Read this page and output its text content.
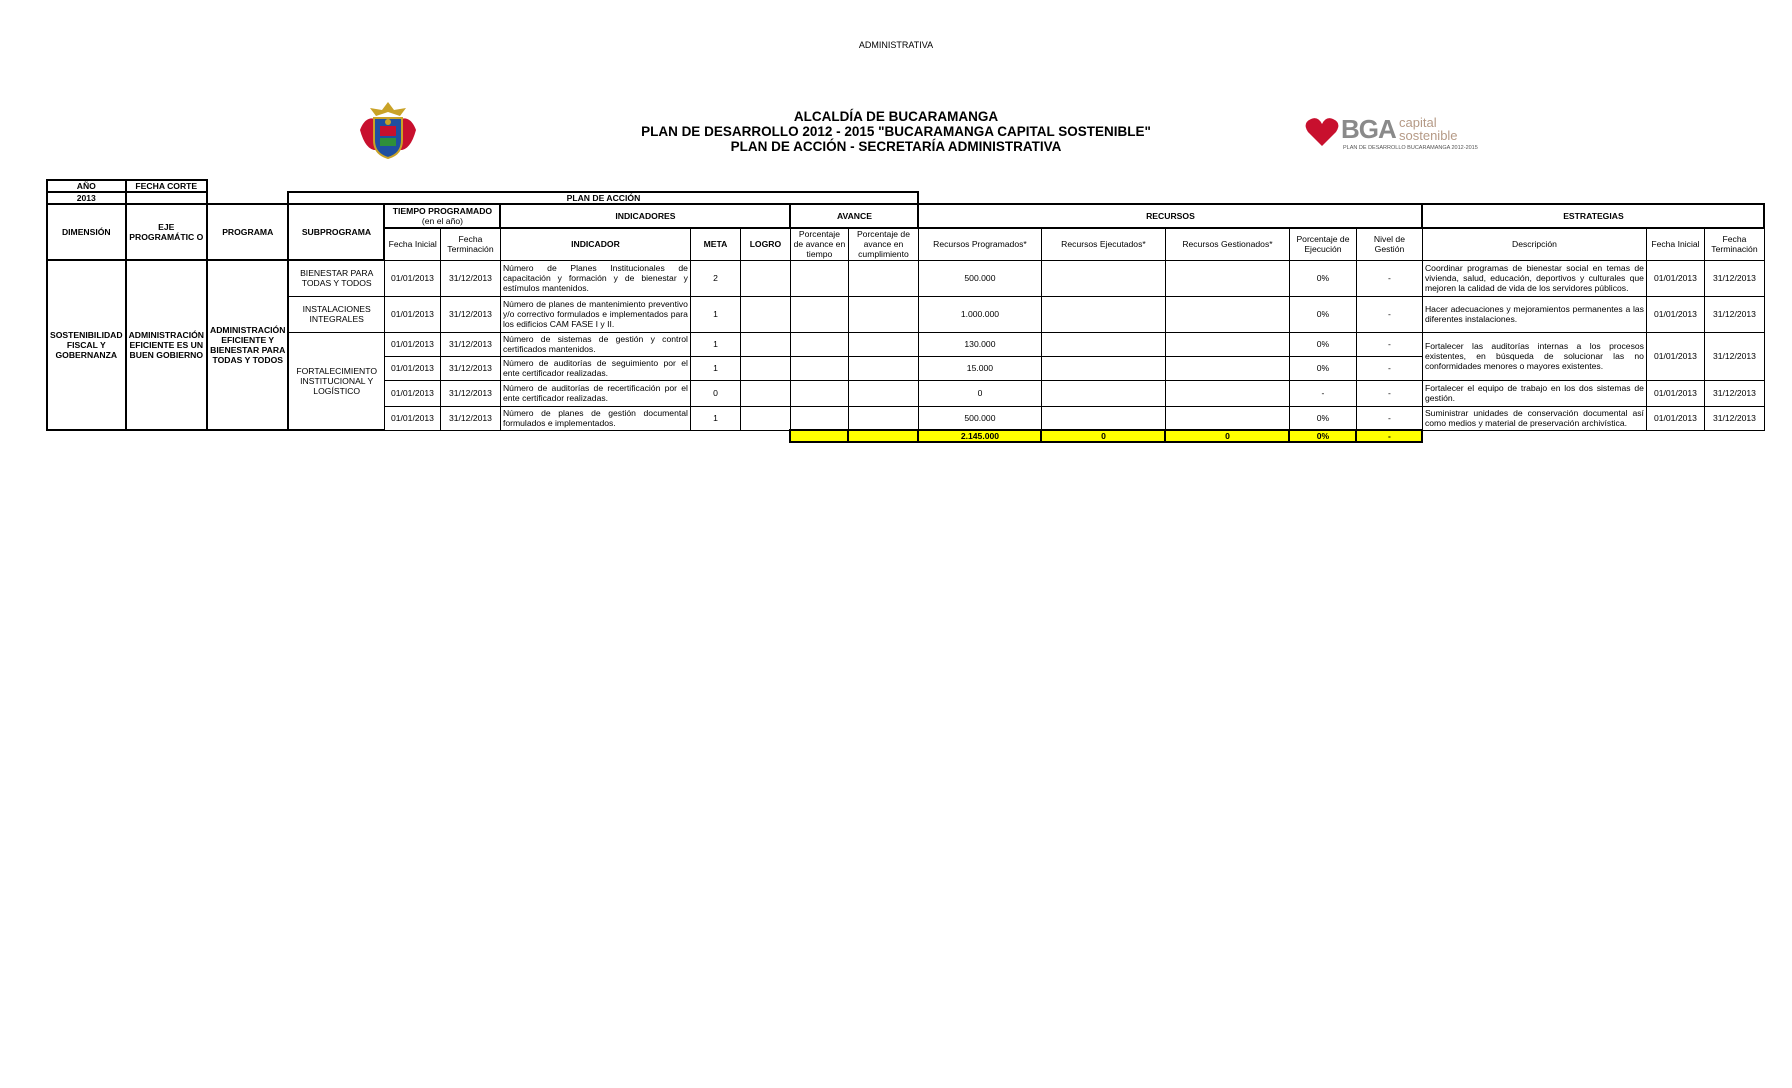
ADMINISTRATIVA
ALCALDÍA DE BUCARAMANGA
PLAN DE DESARROLLO 2012 - 2015 "BUCARAMANGA CAPITAL SOSTENIBLE"
PLAN DE ACCIÓN - SECRETARÍA ADMINISTRATIVA
BGA capital
sostenible
PLAN DE DESARROLLO BUCARAMANGA 2012-2015
AÑO	FECHA CORTE																	
2013			PLAN DE ACCIÓN															
DIMENSIÓN	EJE PROGRAMÁTIC O	PROGRAMA	SUBPROGRAMA	TIEMPO PROGRAMADO
(en el año)		INDICADORES			AVANCE		RECURSOS					ESTRATEGIAS		
				Fecha Inicial	Fecha Terminación	INDICADOR	META	LOGRO	Porcentaje de avance en tiempo	Porcentaje de avance en cumplimiento	Recursos Programados*	Recursos Ejecutados*	Recursos Gestionados*	Porcentaje de Ejecución	Nivel de Gestión	Descripción	Fecha Inicial	Fecha Terminación
SOSTENIBILIDAD FISCAL Y GOBERNANZA	ADMINISTRACIÓN EFICIENTE ES UN BUEN GOBIERNO	ADMINISTRACIÓN EFICIENTE Y BIENESTAR PARA TODAS Y TODOS	BIENESTAR PARA TODAS Y TODOS	01/01/2013	31/12/2013	Número de Planes Institucionales de capacitación y formación y de bienestar y estímulos mantenidos.	2				500.000			0%	-	Coordinar programas de bienestar social en temas de vivienda, salud, educación, deportivos y culturales que mejoren la calidad de vida de los servidores públicos.	01/01/2013	31/12/2013
			INSTALACIONES INTEGRALES	01/01/2013	31/12/2013	Número de planes de mantenimiento preventivo y/o correctivo formulados e implementados para los edificios CAM FASE I y II.	1				1.000.000			0%	-	Hacer adecuaciones y mejoramientos permanentes a las diferentes instalaciones.	01/01/2013	31/12/2013
			FORTALECIMIENTO INSTITUCIONAL Y LOGÍSTICO	01/01/2013	31/12/2013	Número de sistemas de gestión y control certificados mantenidos.	1				130.000			0%	-	Fortalecer las auditorías internas a los procesos existentes, en búsqueda de solucionar las no conformidades menores o mayores existentes.	01/01/2013	31/12/2013
				01/01/2013	31/12/2013	Número de auditorías de seguimiento por el ente certificador realizadas.	1				15.000			0%	-			
				01/01/2013	31/12/2013	Número de auditorías de recertificación por el ente certificador realizadas.	0				0			-	-	Fortalecer el equipo de trabajo en los dos sistemas de gestión.	01/01/2013	31/12/2013
				01/01/2013	31/12/2013	Número de planes de gestión documental formulados e implementados.	1				500.000			0%	-	Suministrar unidades de conservación documental así como medios y material de preservación archivística.	01/01/2013	31/12/2013
											2.145.000	0	0	0%	-			
